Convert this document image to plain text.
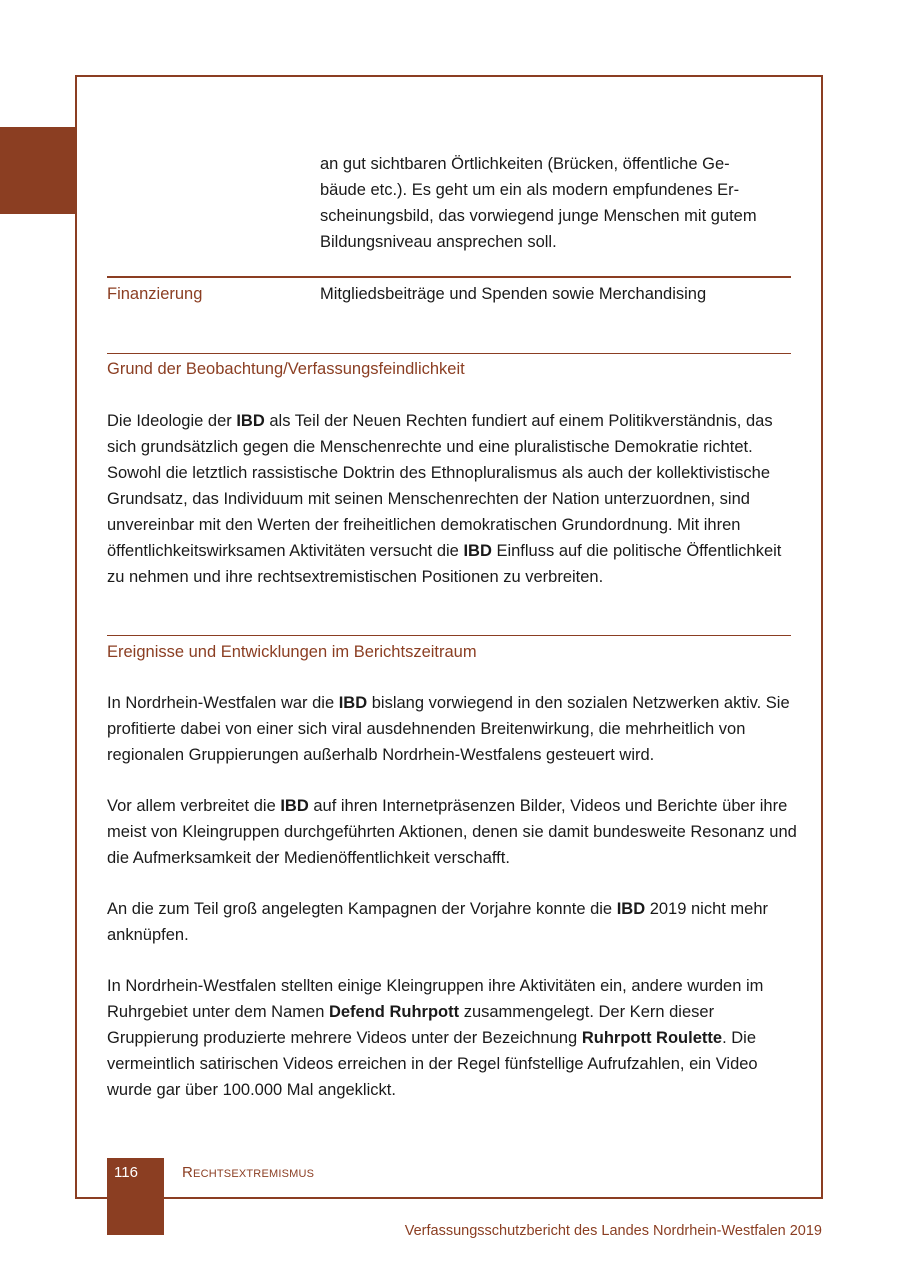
an gut sichtbaren Örtlichkeiten (Brücken, öffentliche Ge-
bäude etc.). Es geht um ein als modern empfundenes Er-
scheinungsbild, das vorwiegend junge Menschen mit gutem
Bildungsniveau ansprechen soll.
Finanzierung	Mitgliedsbeiträge und Spenden sowie Merchandising
Grund der Beobachtung/Verfassungsfeindlichkeit
Die Ideologie der IBD als Teil der Neuen Rechten fundiert auf einem Politikverständnis, das sich grundsätzlich gegen die Menschenrechte und eine pluralistische Demokratie richtet. Sowohl die letztlich rassistische Doktrin des Ethnopluralismus als auch der kollektivistische Grundsatz, das Individuum mit seinen Menschenrechten der Nation unterzuordnen, sind unvereinbar mit den Werten der freiheitlichen demokratischen Grundordnung. Mit ihren öffentlichkeitswirksamen Aktivitäten versucht die IBD Einfluss auf die politische Öffentlichkeit zu nehmen und ihre rechtsextremistischen Positionen zu verbreiten.
Ereignisse und Entwicklungen im Berichtszeitraum
In Nordrhein-Westfalen war die IBD bislang vorwiegend in den sozialen Netzwerken aktiv. Sie profitierte dabei von einer sich viral ausdehnenden Breitenwirkung, die mehrheitlich von regionalen Gruppierungen außerhalb Nordrhein-Westfalens gesteuert wird.
Vor allem verbreitet die IBD auf ihren Internetpräsenzen Bilder, Videos und Berichte über ihre meist von Kleingruppen durchgeführten Aktionen, denen sie damit bundesweite Resonanz und die Aufmerksamkeit der Medienöffentlichkeit verschafft.
An die zum Teil groß angelegten Kampagnen der Vorjahre konnte die IBD 2019 nicht mehr anknüpfen.
In Nordrhein-Westfalen stellten einige Kleingruppen ihre Aktivitäten ein, andere wurden im Ruhrgebiet unter dem Namen Defend Ruhrpott zusammengelegt. Der Kern dieser Gruppierung produzierte mehrere Videos unter der Bezeichnung Ruhrpott Roulette. Die vermeintlich satirischen Videos erreichen in der Regel fünfstellige Aufrufzahlen, ein Video wurde gar über 100.000 Mal angeklickt.
116	Rechtsextremismus
Verfassungsschutzbericht des Landes Nordrhein-Westfalen 2019
